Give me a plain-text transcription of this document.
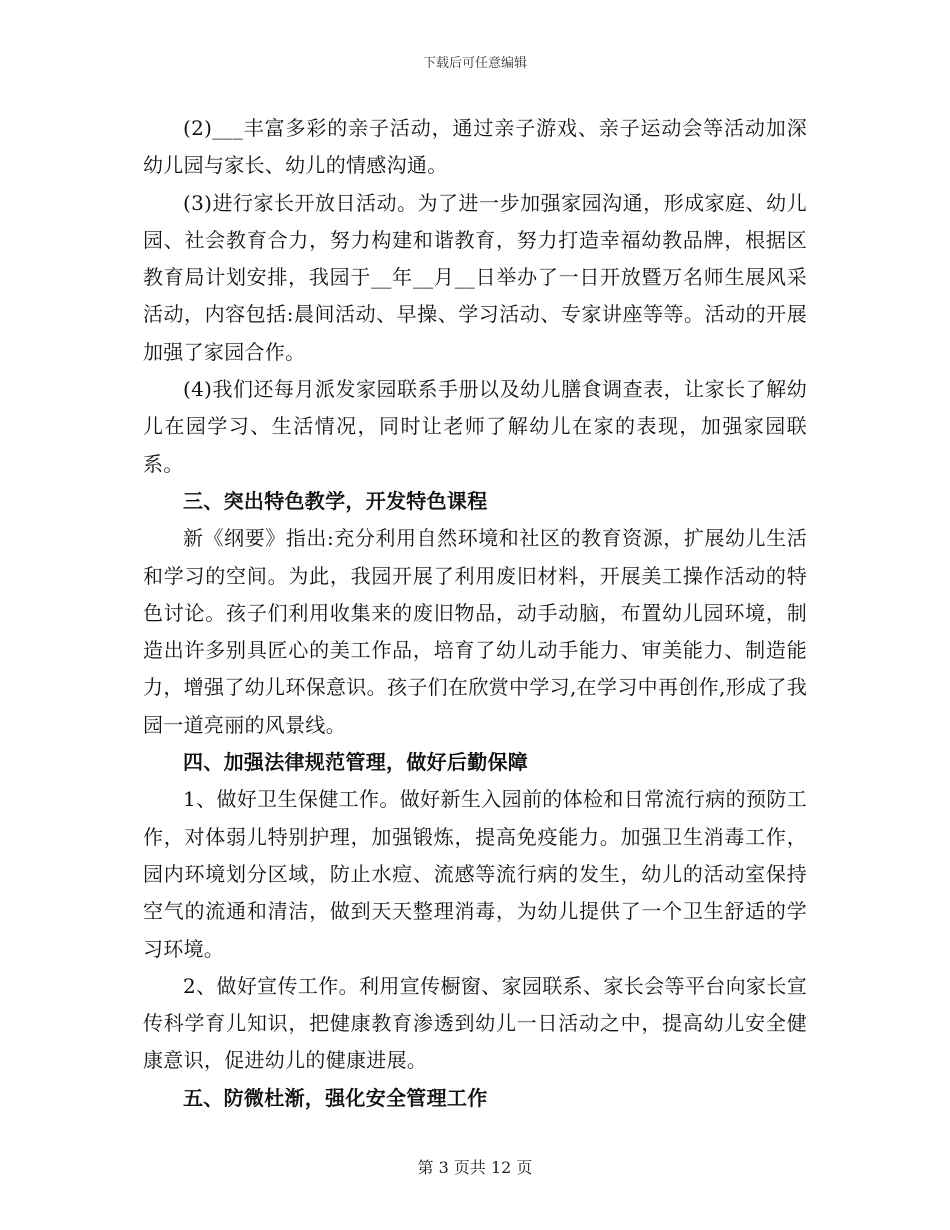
下载后可任意编辑

(2)___丰富多彩的亲子活动，通过亲子游戏、亲子运动会等活动加深幼儿园与家长、幼儿的情感沟通。

(3)进行家长开放日活动。为了进一步加强家园沟通，形成家庭、幼儿园、社会教育合力，努力构建和谐教育，努力打造幸福幼教品牌，根据区教育局计划安排，我园于__年__月__日举办了一日开放暨万名师生展风采活动，内容包括:晨间活动、早操、学习活动、专家讲座等等。活动的开展加强了家园合作。

(4)我们还每月派发家园联系手册以及幼儿膳食调查表，让家长了解幼儿在园学习、生活情况，同时让老师了解幼儿在家的表现，加强家园联系。

三、突出特色教学，开发特色课程

新《纲要》指出:充分利用自然环境和社区的教育资源，扩展幼儿生活和学习的空间。为此，我园开展了利用废旧材料，开展美工操作活动的特色讨论。孩子们利用收集来的废旧物品，动手动脑，布置幼儿园环境，制造出许多别具匠心的美工作品，培育了幼儿动手能力、审美能力、制造能力，增强了幼儿环保意识。孩子们在欣赏中学习,在学习中再创作,形成了我园一道亮丽的风景线。

四、加强法律规范管理，做好后勤保障

1、做好卫生保健工作。做好新生入园前的体检和日常流行病的预防工作，对体弱儿特别护理，加强锻炼，提高免疫能力。加强卫生消毒工作，园内环境划分区域，防止水痘、流感等流行病的发生，幼儿的活动室保持空气的流通和清洁，做到天天整理消毒，为幼儿提供了一个卫生舒适的学习环境。

2、做好宣传工作。利用宣传橱窗、家园联系、家长会等平台向家长宣传科学育儿知识，把健康教育渗透到幼儿一日活动之中，提高幼儿安全健康意识，促进幼儿的健康进展。

五、防微杜渐，强化安全管理工作

第 3 页共 12 页
